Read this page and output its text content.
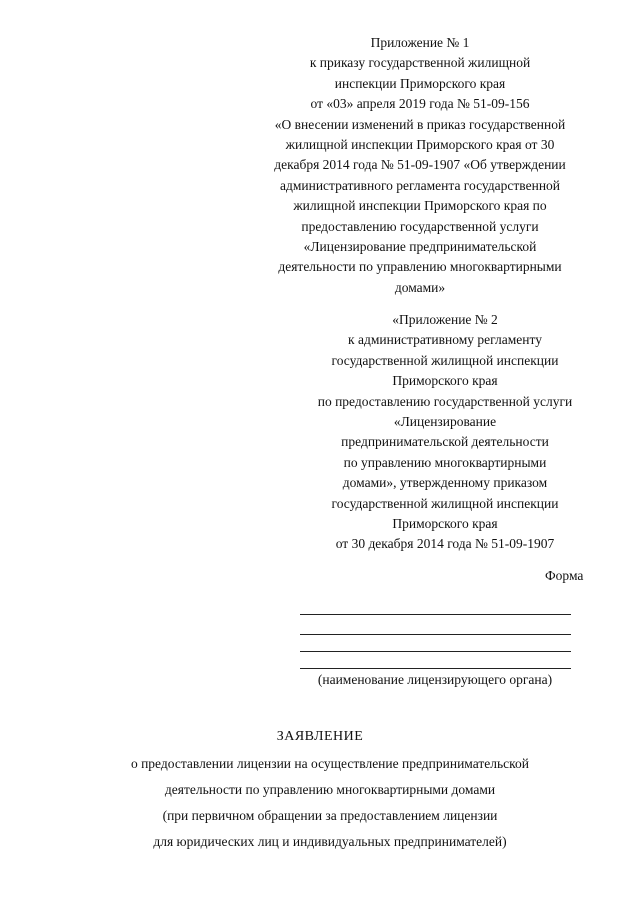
Приложение № 1
к приказу государственной жилищной
инспекции Приморского края
от «03» апреля 2019 года № 51-09-156
«О внесении изменений в приказ государственной
жилищной инспекции Приморского края от 30
декабря 2014 года № 51-09-1907 «Об утверждении
административного регламента государственной
жилищной инспекции Приморского края по
предоставлению государственной услуги
«Лицензирование предпринимательской
деятельности по управлению многоквартирными
домами»
«Приложение № 2
к административному регламенту
государственной жилищной инспекции
Приморского края
по предоставлению государственной услуги
«Лицензирование
предпринимательской деятельности
по управлению многоквартирными
домами», утвержденному приказом
государственной жилищной инспекции
Приморского края
от 30 декабря 2014 года № 51-09-1907
Форма
(наименование лицензирующего органа)
ЗАЯВЛЕНИЕ
о предоставлении лицензии на осуществление предпринимательской
деятельности по управлению многоквартирными домами
(при первичном обращении за предоставлением лицензии
для юридических лиц и индивидуальных предпринимателей)
